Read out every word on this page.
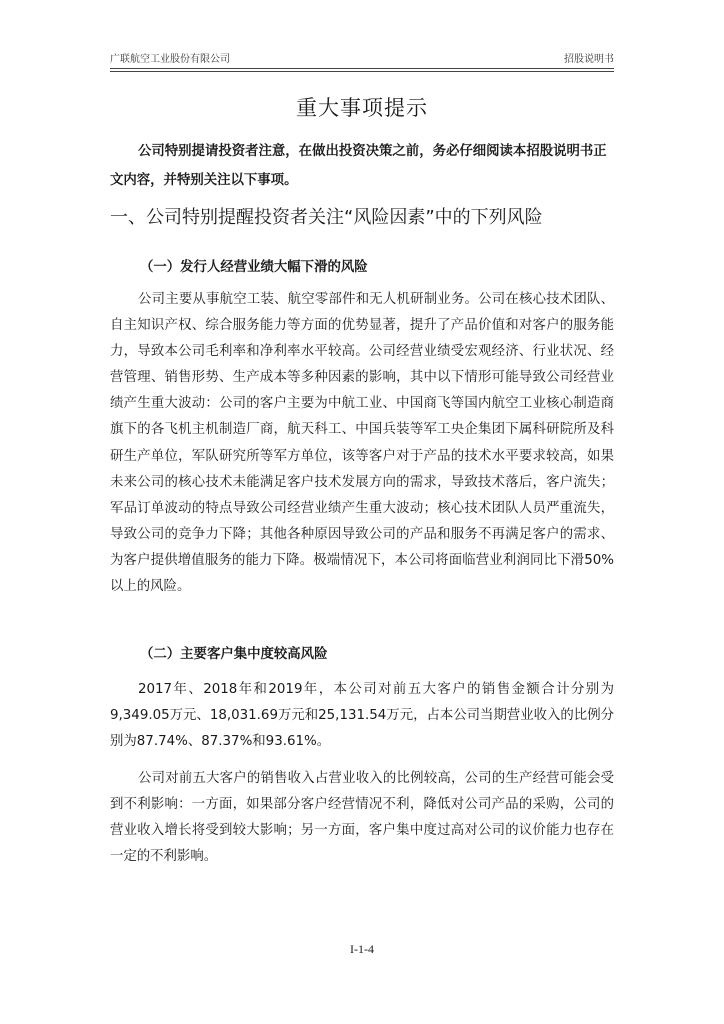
广联航空工业股份有限公司	招股说明书
重大事项提示

公司特别提请投资者注意，在做出投资决策之前，务必仔细阅读本招股说明书正文内容，并特别关注以下事项。

一、公司特别提醒投资者关注“风险因素”中的下列风险
（一）发行人经营业绩大幅下滑的风险

公司主要从事航空工装、航空零部件和无人机研制业务。公司在核心技术团队、自主知识产权、综合服务能力等方面的优势显著，提升了产品价值和对客户的服务能力，导致本公司毛利率和净利率水平较高。公司经营业绩受宏观经济、行业状况、经营管理、销售形势、生产成本等多种因素的影响，其中以下情形可能导致公司经营业绩产生重大波动：公司的客户主要为中航工业、中国商飞等国内航空工业核心制造商旗下的各飞机主机制造厂商，航天科工、中国兵装等军工央企集团下属科研院所及科研生产单位，军队研究所等军方单位，该等客户对于产品的技术水平要求较高，如果未来公司的核心技术未能满足客户技术发展方向的需求，导致技术落后，客户流失；军品订单波动的特点导致公司经营业绩产生重大波动；核心技术团队人员严重流失，导致公司的竞争力下降；其他各种原因导致公司的产品和服务不再满足客户的需求、为客户提供增值服务的能力下降。极端情况下，本公司将面临营业利润同比下滑50%以上的风险。

（二）主要客户集中度较高风险

2017年、2018年和2019年，本公司对前五大客户的销售金额合计分别为9,349.05万元、18,031.69万元和25,131.54万元，占本公司当期营业收入的比例分别为87.74%、87.37%和93.61%。

公司对前五大客户的销售收入占营业收入的比例较高，公司的生产经营可能会受到不利影响：一方面，如果部分客户经营情况不利，降低对公司产品的采购，公司的营业收入增长将受到较大影响；另一方面，客户集中度过高对公司的议价能力也存在一定的不利影响。

I-1-4
